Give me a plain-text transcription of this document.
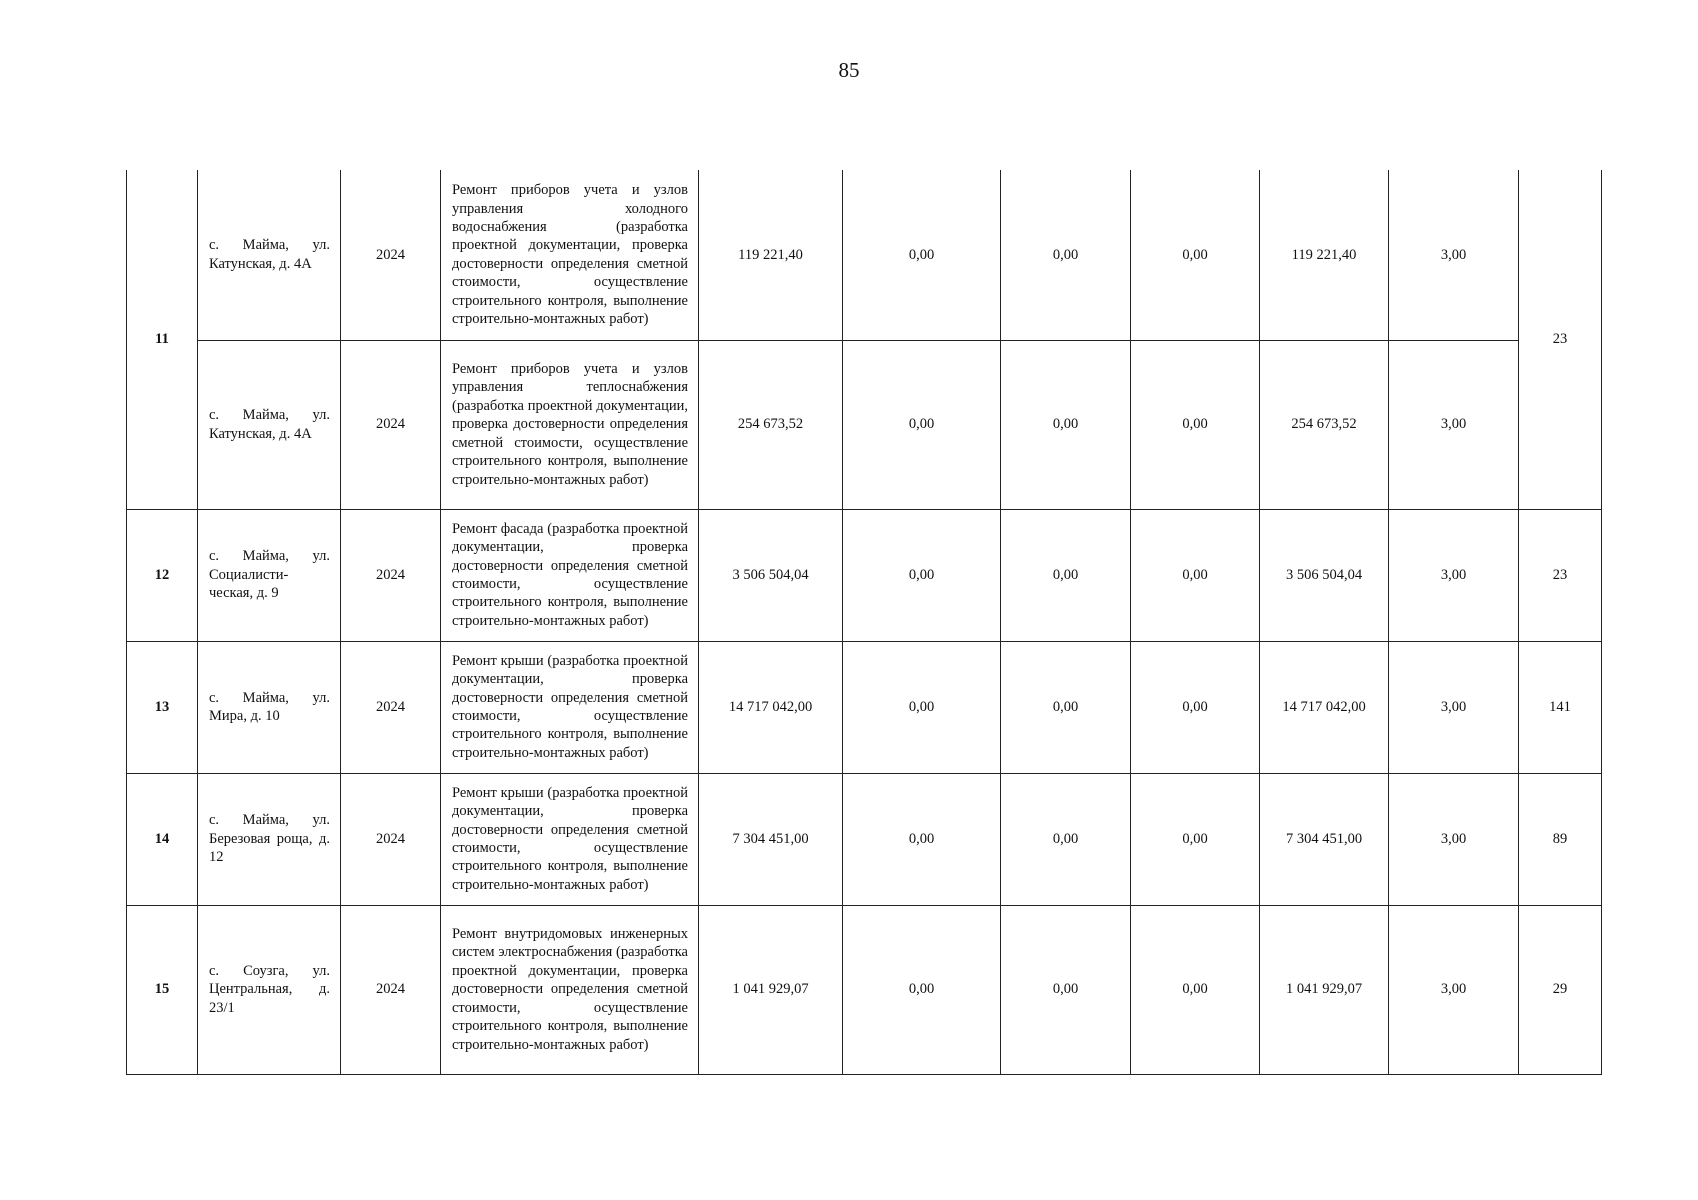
85
11	с. Майма, ул. Катунская, д. 4А	2024	Ремонт приборов учета и узлов управления холодного водоснабжения (разработка проектной документации, проверка достоверности определения сметной стоимости, осуществление строительного контроля, выполнение строительно-монтажных работ)	119 221,40	0,00	0,00	0,00	119 221,40	3,00	23
	с. Майма, ул. Катунская, д. 4А	2024	Ремонт приборов учета и узлов управления теплоснабжения (разработка проектной документации, проверка достоверности определения сметной стоимости, осуществление строительного контроля, выполнение строительно-монтажных работ)	254 673,52	0,00	0,00	0,00	254 673,52	3,00	
12	с. Майма, ул. Социалисти-ческая, д. 9	2024	Ремонт фасада (разработка проектной документации, проверка достоверности определения сметной стоимости, осуществление строительного контроля, выполнение строительно-монтажных работ)	3 506 504,04	0,00	0,00	0,00	3 506 504,04	3,00	23
13	с. Майма, ул. Мира, д. 10	2024	Ремонт крыши (разработка проектной документации, проверка достоверности определения сметной стоимости, осуществление строительного контроля, выполнение строительно-монтажных работ)	14 717 042,00	0,00	0,00	0,00	14 717 042,00	3,00	141
14	с. Майма, ул. Березовая роща, д. 12	2024	Ремонт крыши (разработка проектной документации, проверка достоверности определения сметной стоимости, осуществление строительного контроля, выполнение строительно-монтажных работ)	7 304 451,00	0,00	0,00	0,00	7 304 451,00	3,00	89
15	с. Соузга, ул. Центральная, д. 23/1	2024	Ремонт внутридомовых инженерных систем электроснабжения (разработка проектной документации, проверка достоверности определения сметной стоимости, осуществление строительного контроля, выполнение строительно-монтажных работ)	1 041 929,07	0,00	0,00	0,00	1 041 929,07	3,00	29
